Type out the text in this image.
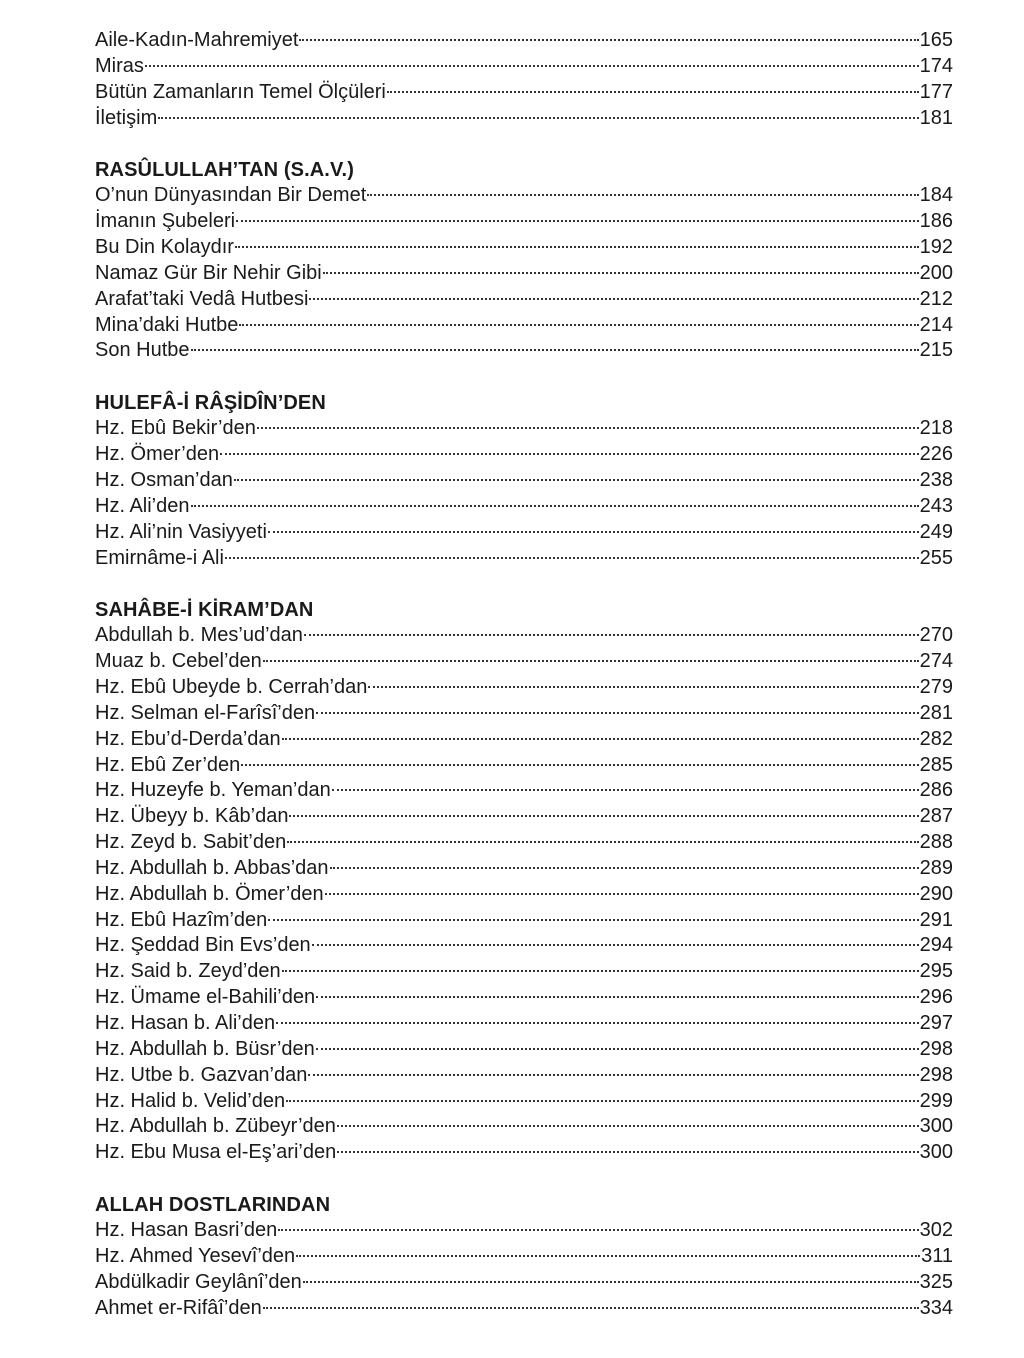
Aile-Kadın-Mahremiyet	165
Miras	174
Bütün Zamanların Temel Ölçüleri	177
İletişim	181
RASÛLULLAH’TAN (S.A.V.)
O’nun Dünyasından Bir Demet	184
İmanın Şubeleri	186
Bu Din Kolaydır	192
Namaz Gür Bir Nehir Gibi	200
Arafat’taki Vedâ Hutbesi	212
Mina’daki Hutbe	214
Son Hutbe	215
HULEFÂ-İ RÂŞİDÎN’DEN
Hz. Ebû Bekir’den	218
Hz. Ömer’den	226
Hz. Osman’dan	238
Hz. Ali’den	243
Hz. Ali’nin Vasiyyeti	249
Emirnâme-i Ali	255
SAHÂBE-İ KİRAM’DAN
Abdullah b. Mes’ud’dan	270
Muaz b. Cebel’den	274
Hz. Ebû Ubeyde b. Cerrah’dan	279
Hz. Selman el-Farîsî’den	281
Hz. Ebu’d-Derda’dan	282
Hz. Ebû Zer’den	285
Hz. Huzeyfe b. Yeman’dan	286
Hz. Übeyy b. Kâb’dan	287
Hz. Zeyd b. Sabit’den	288
Hz. Abdullah b. Abbas’dan	289
Hz. Abdullah b. Ömer’den	290
Hz. Ebû Hazîm’den	291
Hz. Şeddad Bin Evs’den	294
Hz. Said b. Zeyd’den	295
Hz. Ümame el-Bahili’den	296
Hz. Hasan b. Ali’den	297
Hz. Abdullah b. Büsr’den	298
Hz. Utbe b. Gazvan’dan	298
Hz. Halid b. Velid’den	299
Hz. Abdullah b. Zübeyr’den	300
Hz. Ebu Musa el-Eş’ari’den	300
ALLAH DOSTLARINDAN
Hz. Hasan Basri’den	302
Hz. Ahmed Yesevî’den	311
Abdülkadir Geylânî’den	325
Ahmet er-Rifâî’den	334
